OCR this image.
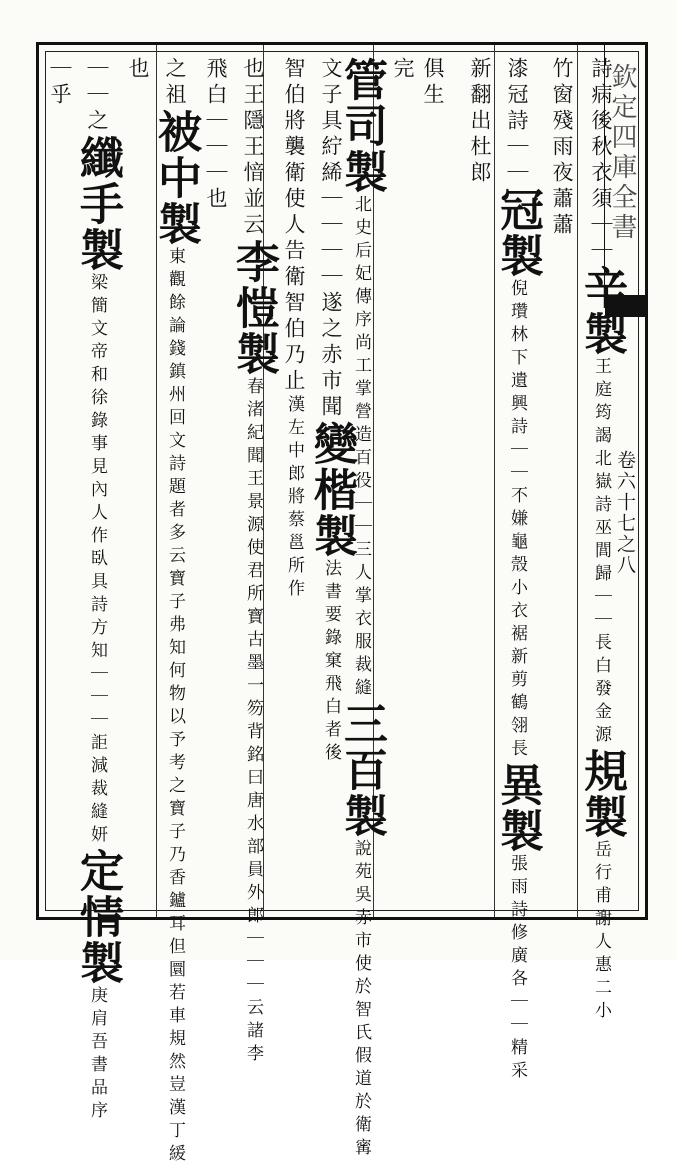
欽定四庫全書
卷六十七之八
詩病後秋衣須｜｜辛製王庭筠謁北嶽詩巫閭歸｜｜長白發金源規製岳行甫謝人惠二小
竹窗殘雨夜蕭蕭
漆冠詩｜｜冠製倪瓚林下遺興詩｜｜不嫌龜殼小衣裾新剪鶴翎長異製張雨詩修廣各｜｜精采
新翻出杜郎
俱生
完
管司製北史后妃傳序尚工掌營造百役｜｜三人掌衣服裁縫三百製說苑吳赤市使於智氏假道於衛寗
文子具紵絺｜｜｜｜遂之赤市聞變楷製法書要錄窠飛白者後
智伯將襲衛使人告衛智伯乃止漢左中郎將蔡邕所作
也王隱王愔並云李愷製春渚紀聞王景源使君所寶古墨一笏背銘曰唐水部員外郎｜｜｜云諸李
飛白｜｜｜也
之祖被中製東觀餘論錢鎮州回文詩題者多云寶子弗知何物以予考之寶子乃香鑪耳但圜若車規然豈漢丁緩
也
｜｜之纖手製梁簡文帝和徐錄事見內人作臥具詩方知｜｜｜詎減裁縫妍定情製庚肩吾書品序
｜乎
